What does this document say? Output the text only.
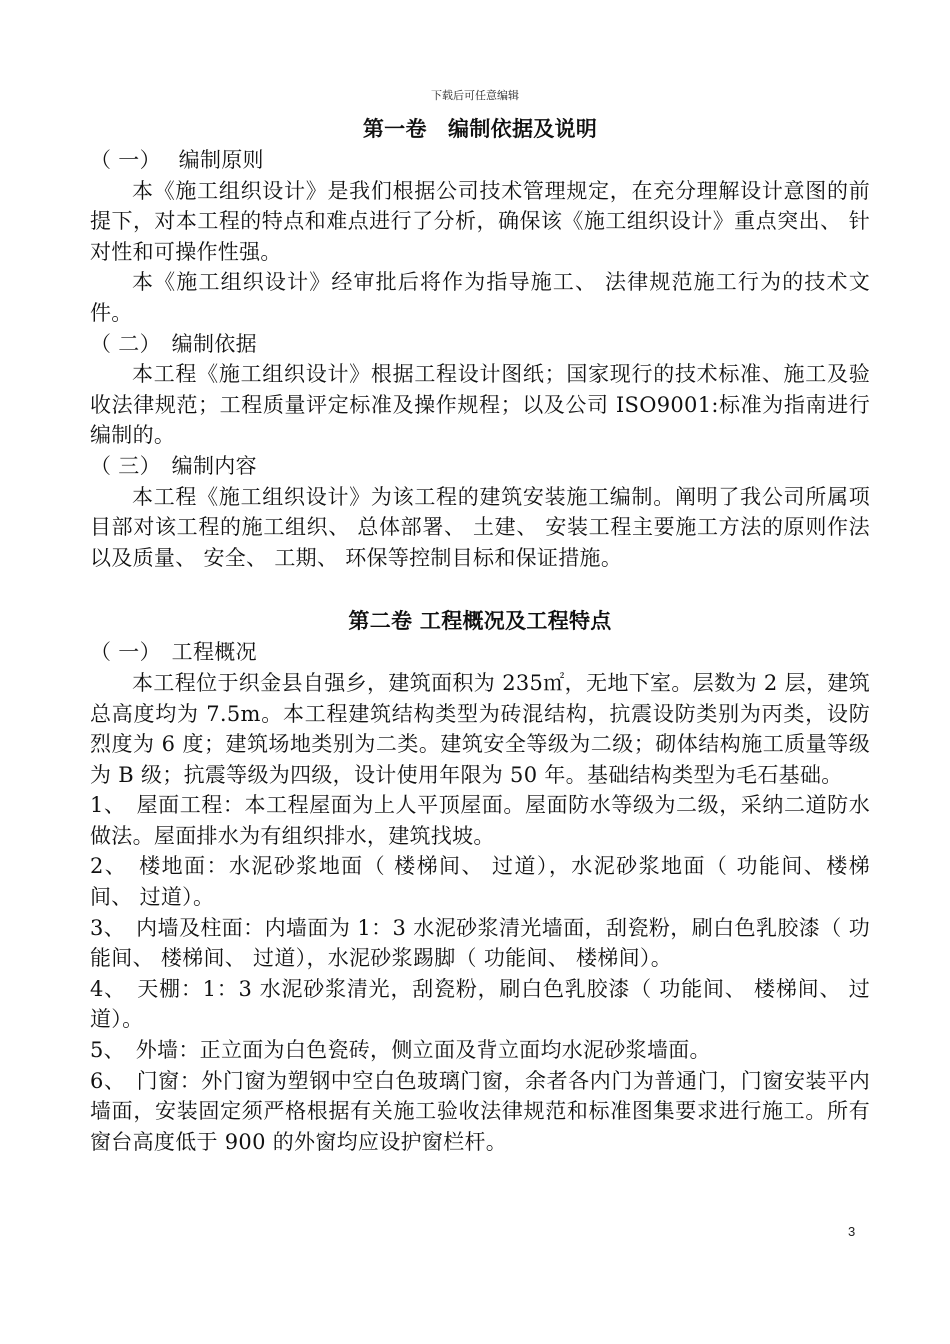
下载后可任意编辑
第一卷　编制依据及说明
（ 一）　 编制原则
本《施工组织设计》是我们根据公司技术管理规定，在充分理解设计意图的前提下，对本工程的特点和难点进行了分析，确保该《施工组织设计》重点突出、 针对性和可操作性强。
本《施工组织设计》经审批后将作为指导施工、 法律规范施工行为的技术文件。
（ 二）　编制依据
本工程《施工组织设计》根据工程设计图纸；国家现行的技术标准、施工及验收法律规范；工程质量评定标准及操作规程；以及公司 ISO9001:标准为指南进行编制的。
（ 三）　编制内容
本工程《施工组织设计》为该工程的建筑安装施工编制。阐明了我公司所属项目部对该工程的施工组织、 总体部署、 土建、 安装工程主要施工方法的原则作法以及质量、 安全、 工期、 环保等控制目标和保证措施。
第二卷 工程概况及工程特点
（ 一）　工程概况
本工程位于织金县自强乡，建筑面积为 235㎡，无地下室。层数为 2 层，建筑总高度均为 7.5m。本工程建筑结构类型为砖混结构，抗震设防类别为丙类，设防烈度为 6 度；建筑场地类别为二类。建筑安全等级为二级；砌体结构施工质量等级 为 B 级；抗震等级为四级，设计使用年限为 50 年。基础结构类型为毛石基础。
1、　屋面工程：本工程屋面为上人平顶屋面。屋面防水等级为二级，采纳二道防水做法。屋面排水为有组织排水，建筑找坡。
2、　楼地面：水泥砂浆地面（ 楼梯间、 过道），水泥砂浆地面（ 功能间、楼梯间、 过道）。
3、　内墙及柱面：内墙面为 1：3 水泥砂浆清光墙面，刮瓷粉，刷白色乳胶漆（ 功能间、 楼梯间、 过道），水泥砂浆踢脚（ 功能间、 楼梯间）。
4、　天棚：1：3 水泥砂浆清光，刮瓷粉，刷白色乳胶漆（ 功能间、 楼梯间、 过道）。
5、　外墙：正立面为白色瓷砖，侧立面及背立面均水泥砂浆墙面。
6、　门窗：外门窗为塑钢中空白色玻璃门窗，余者各内门为普通门，门窗安装平内墙面，安装固定须严格根据有关施工验收法律规范和标准图集要求进行施工。所有窗台高度低于 900 的外窗均应设护窗栏杆。
3
